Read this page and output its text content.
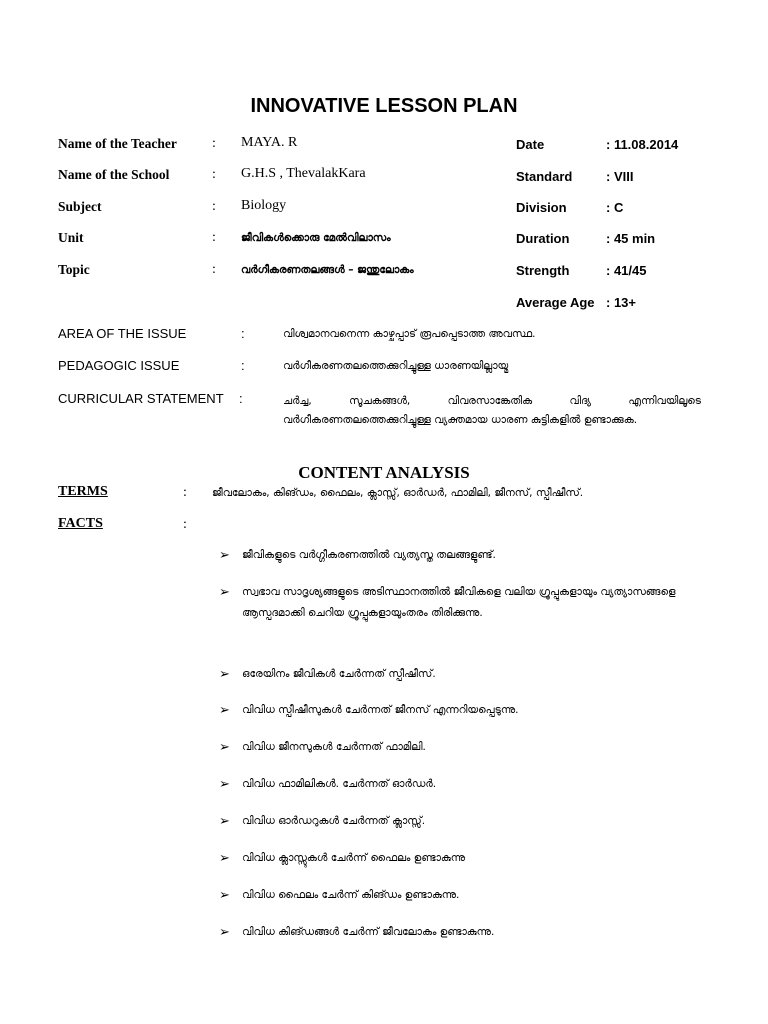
INNOVATIVE LESSON PLAN
Name of the Teacher	: MAYA. R
Name of the School	: G.H.S , ThevalakKara
Subject	: Biology
Unit	: ജീവികൾക്കൊരു മേൽവിലാസം
Topic	: വർഗീകരണതലങ്ങൾ – ജന്തുലോകം
Date	: 11.08.2014
Standard	: VIII
Division	: C
Duration	: 45 min
Strength	: 41/45
Average Age : 13+
AREA OF THE ISSUE	:	വിശ്വമാനവനെന്ന കാഴ്ചപ്പാട് രൂപപ്പെടാത്ത അവസ്ഥ.
PEDAGOGIC ISSUE	:	വർഗീകരണതലത്തെക്കുറിച്ചുള്ള ധാരണയില്ലായ്മ
CURRICULAR STATEMENT :	ചർച്ച, സൂചകങ്ങൾ, വിവരസാങ്കേതിക വിദ്യ എന്നിവയിലൂടെ വർഗീകരണതലത്തെക്കുറിച്ചുള്ള വ്യക്തമായ ധാരണ കുട്ടികളിൽ ഉണ്ടാക്കുക.
CONTENT ANALYSIS
TERMS	: ജീവലോകം, കിങ്ഡം, ഫൈലം, ക്ലാസ്സ്, ഓർഡർ, ഫാമിലി, ജീനസ്, സ്പീഷീസ്.
FACTS	:
➢ ജീവികളുടെ വർഗ്ഗീകരണത്തിൽ വ്യത്യസ്ത തലങ്ങളുണ്ട്.
➢ സ്വഭാവ സാദൃശ്യങ്ങളുടെ അടിസ്ഥാനത്തിൽ ജീവികളെ വലിയ ഗ്രൂപ്പുകളായും വ്യത്യാസങ്ങളെ ആസ്പദമാക്കി ചെറിയ ഗ്രൂപ്പുകളായുംതരം തിരിക്കുന്നു.
➢ ഒരേയിനം ജീവികൾ ചേർന്നത് സ്പീഷീസ്.
➢ വിവിധ സ്പീഷീസുകൾ ചേർന്നത് ജീനസ് എന്നറിയപ്പെടുന്നു.
➢ വിവിധ ജീനസുകൾ ചേർന്നത് ഫാമിലി.
➢ വിവിധ ഫാമിലികൾ. ചേർന്നത് ഓർഡർ.
➢ വിവിധ ഓർഡറുകൾ ചേർന്നത് ക്ലാസ്സ്.
➢ വിവിധ ക്ലാസ്സുകൾ ചേർന്ന് ഫൈലം ഉണ്ടാകുന്നു
➢ വിവിധ ഫൈലം ചേർന്ന് കിങ്ഡം ഉണ്ടാകുന്നു.
➢ വിവിധ കിങ്ഡങ്ങൾ ചേർന്ന് ജീവലോകം ഉണ്ടാകുന്നു.
